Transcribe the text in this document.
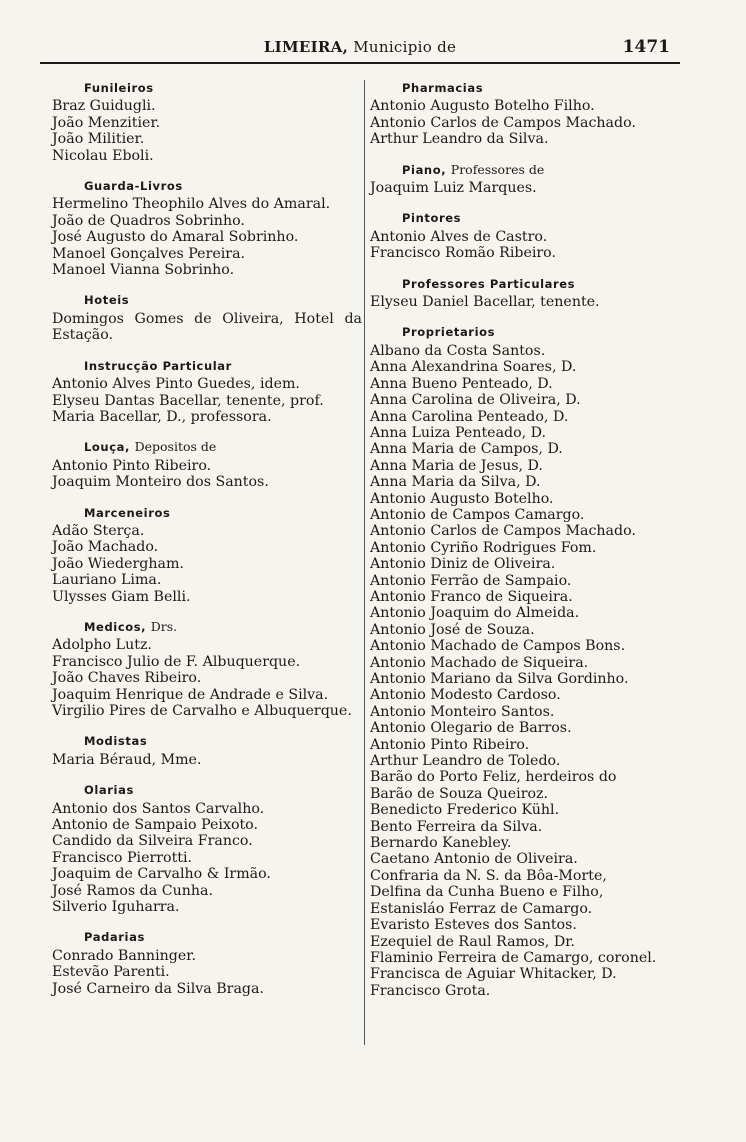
LIMEIRA, Municipio de	1471
Funileiros
Braz Guidugli.
João Menzitier.
João Militier.
Nicolau Eboli.
Guarda-Livros
Hermelino Theophilo Alves do Amaral.
João de Quadros Sobrinho.
José Augusto do Amaral Sobrinho.
Manoel Gonçalves Pereira.
Manoel Vianna Sobrinho.
Hoteis
Domingos Gomes de Oliveira, Hotel da Estação.
Instrucção Particular
Antonio Alves Pinto Guedes, idem.
Elyseu Dantas Bacellar, tenente, prof.
Maria Bacellar, D., professora.
Louça, Depositos de
Antonio Pinto Ribeiro.
Joaquim Monteiro dos Santos.
Marceneiros
Adão Sterça.
João Machado.
João Wiedergham.
Lauriano Lima.
Ulysses Giam Belli.
Medicos, Drs.
Adolpho Lutz.
Francisco Julio de F. Albuquerque.
João Chaves Ribeiro.
Joaquim Henrique de Andrade e Silva.
Virgilio Pires de Carvalho e Albuquerque.
Modistas
Maria Béraud, Mme.
Olarias
Antonio dos Santos Carvalho.
Antonio de Sampaio Peixoto.
Candido da Silveira Franco.
Francisco Pierrotti.
Joaquim de Carvalho & Irmão.
José Ramos da Cunha.
Silverio Iguharra.
Padarias
Conrado Banninger.
Estevão Parenti.
José Carneiro da Silva Braga.
Pharmacias
Antonio Augusto Botelho Filho.
Antonio Carlos de Campos Machado.
Arthur Leandro da Silva.
Piano, Professores de
Joaquim Luiz Marques.
Pintores
Antonio Alves de Castro.
Francisco Romão Ribeiro.
Professores Particulares
Elyseu Daniel Bacellar, tenente.
Proprietarios
Albano da Costa Santos.
Anna Alexandrina Soares, D.
Anna Bueno Penteado, D.
Anna Carolina de Oliveira, D.
Anna Carolina Penteado, D.
Anna Luiza Penteado, D.
Anna Maria de Campos, D.
Anna Maria de Jesus, D.
Anna Maria da Silva, D.
Antonio Augusto Botelho.
Antonio de Campos Camargo.
Antonio Carlos de Campos Machado.
Antonio Cyriño Rodrigues Fom.
Antonio Diniz de Oliveira.
Antonio Ferrão de Sampaio.
Antonio Franco de Siqueira.
Antonio Joaquim do Almeida.
Antonio José de Souza.
Antonio Machado de Campos Bons.
Antonio Machado de Siqueira.
Antonio Mariano da Silva Gordinho.
Antonio Modesto Cardoso.
Antonio Monteiro Santos.
Antonio Olegario de Barros.
Antonio Pinto Ribeiro.
Arthur Leandro de Toledo.
Barão do Porto Feliz, herdeiros do
Barão de Souza Queiroz.
Benedicto Frederico Kühl.
Bento Ferreira da Silva.
Bernardo Kanebley.
Caetano Antonio de Oliveira.
Confraria da N. S. da Bôa-Morte,
Delfina da Cunha Bueno e Filho,
Estanisláo Ferraz de Camargo.
Evaristo Esteves dos Santos.
Ezequiel de Raul Ramos, Dr.
Flaminio Ferreira de Camargo, coronel.
Francisca de Aguiar Whitacker, D.
Francisco Grota.
